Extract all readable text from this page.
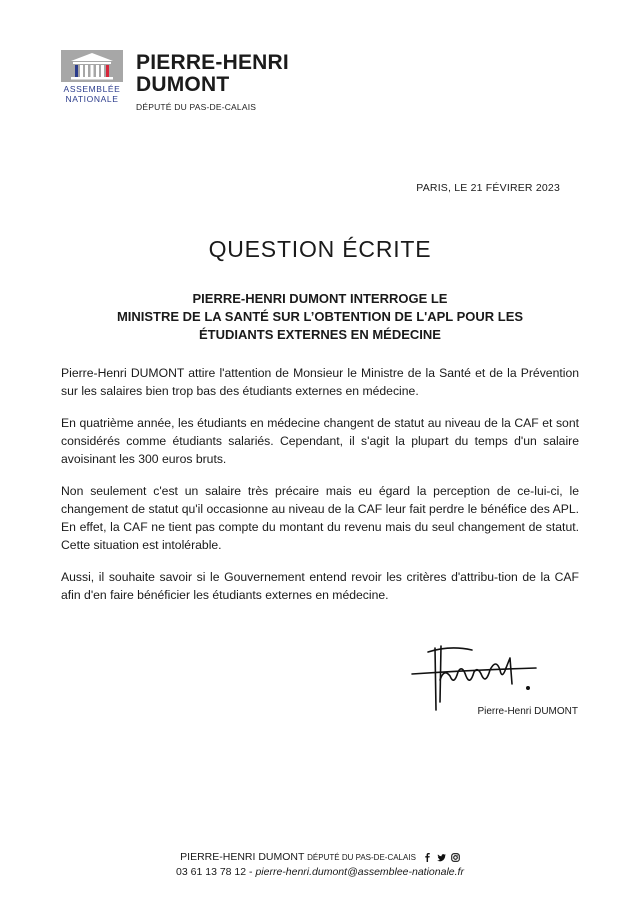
ASSEMBLÉE
NATIONALE
PIERRE-HENRI
DUMONT
DÉPUTÉ DU PAS-DE-CALAIS
PARIS, LE 21 FÉVIRER 2023
QUESTION ÉCRITE
PIERRE-HENRI DUMONT INTERROGE LE
MINISTRE DE LA SANTÉ SUR L’OBTENTION DE L'APL POUR LES
ÉTUDIANTS EXTERNES EN MÉDECINE

Pierre-Henri DUMONT attire l'attention de Monsieur le Ministre de la Santé et de la Prévention sur les salaires bien trop bas des étudiants externes en médecine.

En quatrième année, les étudiants en médecine changent de statut au niveau de la CAF et sont considérés comme étudiants salariés. Cependant, il s'agit la plupart du temps d'un salaire avoisinant les 300 euros bruts.

Non seulement c'est un salaire très précaire mais eu égard la perception de ce-lui-ci, le changement de statut qu'il occasionne au niveau de la CAF leur fait perdre le bénéfice des APL. En effet, la CAF ne tient pas compte du montant du revenu mais du seul changement de statut. Cette situation est intolérable.

Aussi, il souhaite savoir si le Gouvernement entend revoir les critères d'attribu-tion de la CAF afin d'en faire bénéficier les étudiants externes en médecine.

Pierre-Henri DUMONT
PIERRE-HENRI DUMONT DÉPUTÉ DU PAS-DE-CALAIS
03 61 13 78 12 - pierre-henri.dumont@assemblee-nationale.fr
